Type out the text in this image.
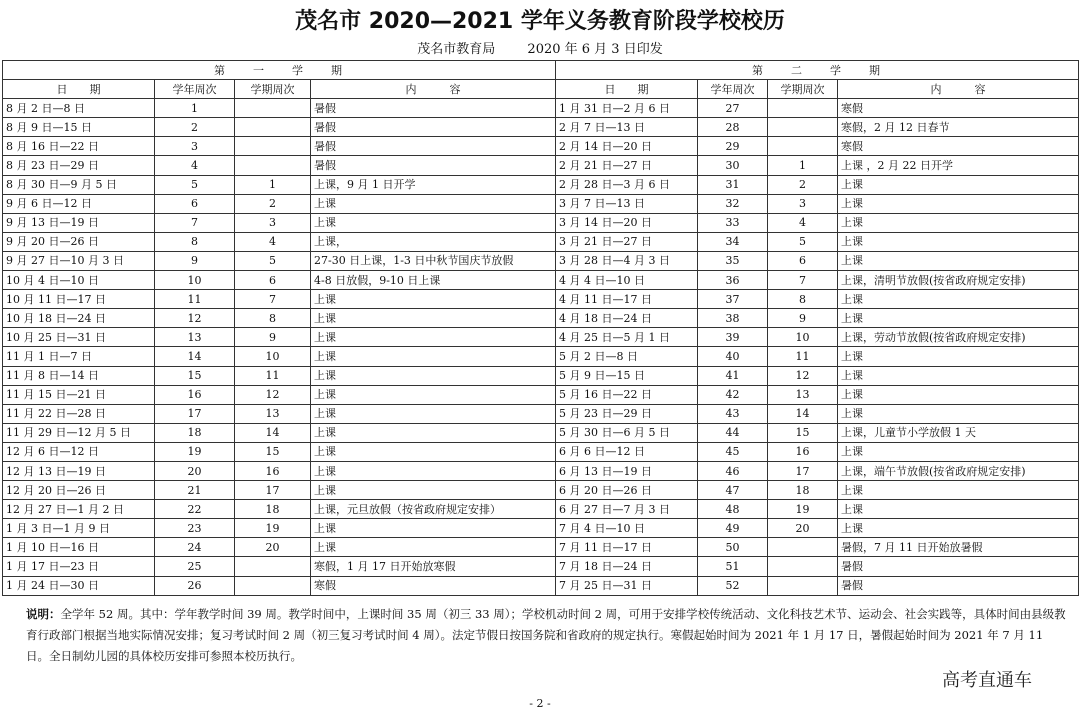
茂名市 2020—2021 学年义务教育阶段学校校历
茂名市教育局 2020 年 6 月 3 日印发
第　　一　　学　　期				第　　二　　学　　期			
日　　期	学年周次	学期周次	内　　　容	日　　期	学年周次	学期周次	内　　　容
8 月 2 日—8 日	1		暑假	1 月 31 日—2 月 6 日	27		寒假
8 月 9 日—15 日	2		暑假	2 月 7 日—13 日	28		寒假，2 月 12 日春节
8 月 16 日—22 日	3		暑假	2 月 14 日—20 日	29		寒假
8 月 23 日—29 日	4		暑假	2 月 21 日—27 日	30	1	上课 ，2 月 22 日开学
8 月 30 日—9 月 5 日	5	1	上课，9 月 1 日开学	2 月 28 日—3 月 6 日	31	2	上课
9 月 6 日—12 日	6	2	上课	3 月 7 日—13 日	32	3	上课
9 月 13 日—19 日	7	3	上课	3 月 14 日—20 日	33	4	上课
9 月 20 日—26 日	8	4	上课，	3 月 21 日—27 日	34	5	上课
9 月 27 日—10 月 3 日	9	5	27-30 日上课，1-3 日中秋节国庆节放假	3 月 28 日—4 月 3 日	35	6	上课
10 月 4 日—10 日	10	6	4-8 日放假，9-10 日上课	4 月 4 日—10 日	36	7	上课，清明节放假(按省政府规定安排)
10 月 11 日—17 日	11	7	上课	4 月 11 日—17 日	37	8	上课
10 月 18 日—24 日	12	8	上课	4 月 18 日—24 日	38	9	上课
10 月 25 日—31 日	13	9	上课	4 月 25 日—5 月 1 日	39	10	上课，劳动节放假(按省政府规定安排)
11 月 1 日—7 日	14	10	上课	5 月 2 日—8 日	40	11	上课
11 月 8 日—14 日	15	11	上课	5 月 9 日—15 日	41	12	上课
11 月 15 日—21 日	16	12	上课	5 月 16 日—22 日	42	13	上课
11 月 22 日—28 日	17	13	上课	5 月 23 日—29 日	43	14	上课
11 月 29 日—12 月 5 日	18	14	上课	5 月 30 日—6 月 5 日	44	15	上课，儿童节小学放假 1 天
12 月 6 日—12 日	19	15	上课	6 月 6 日—12 日	45	16	上课
12 月 13 日—19 日	20	16	上课	6 月 13 日—19 日	46	17	上课，端午节放假(按省政府规定安排)
12 月 20 日—26 日	21	17	上课	6 月 20 日—26 日	47	18	上课
12 月 27 日—1 月 2 日	22	18	上课，元旦放假（按省政府规定安排）	6 月 27 日—7 月 3 日	48	19	上课
1 月 3 日—1 月 9 日	23	19	上课	7 月 4 日—10 日	49	20	上课
1 月 10 日—16 日	24	20	上课	7 月 11 日—17 日	50		暑假，7 月 11 日开始放暑假
1 月 17 日—23 日	25		寒假，1 月 17 日开始放寒假	7 月 18 日—24 日	51		暑假
1 月 24 日—30 日	26		寒假	7 月 25 日—31 日	52		暑假
说明：全学年 52 周。其中：学年教学时间 39 周。教学时间中，上课时间 35 周（初三 33 周）；学校机动时间 2 周，可用于安排学校传统活动、文化科技艺术节、运动会、社会实践等，具体时间由县级教育行政部门根据当地实际情况安排；复习考试时间 2 周（初三复习考试时间 4 周）。法定节假日按国务院和省政府的规定执行。寒假起始时间为 2021 年 1 月 17 日，暑假起始时间为 2021 年 7 月 11 日。全日制幼儿园的具体校历安排可参照本校历执行。
高考直通车
- 2 -
